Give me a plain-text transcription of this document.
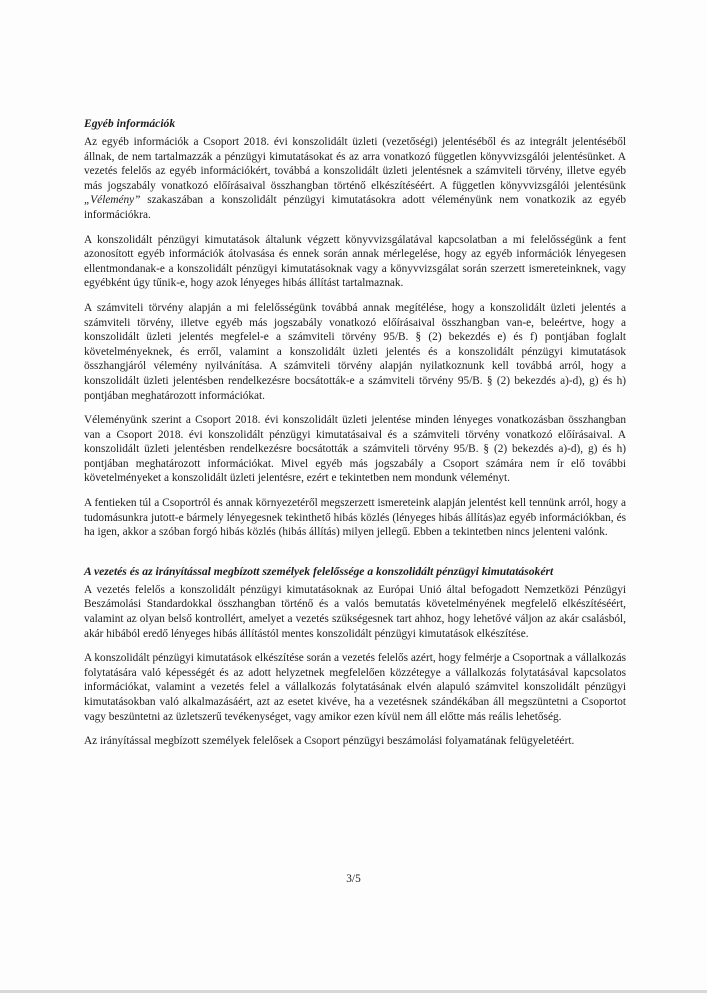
Egyéb információk

Az egyéb információk a Csoport 2018. évi konszolidált üzleti (vezetőségi) jelentéséből és az integrált jelentéséből állnak, de nem tartalmazzák a pénzügyi kimutatásokat és az arra vonatkozó független könyvvizsgálói jelentésünket. A vezetés felelős az egyéb információkért, továbbá a konszolidált üzleti jelentésnek a számviteli törvény, illetve egyéb más jogszabály vonatkozó előírásaival összhangban történő elkészítéséért. A független könyvvizsgálói jelentésünk „Vélemény” szakaszában a konszolidált pénzügyi kimutatásokra adott véleményünk nem vonatkozik az egyéb információkra.

A konszolidált pénzügyi kimutatások általunk végzett könyvvizsgálatával kapcsolatban a mi felelősségünk a fent azonosított egyéb információk átolvasása és ennek során annak mérlegelése, hogy az egyéb információk lényegesen ellentmondanak-e a konszolidált pénzügyi kimutatásoknak vagy a könyvvizsgálat során szerzett ismereteinknek, vagy egyébként úgy tűnik-e, hogy azok lényeges hibás állítást tartalmaznak.

A számviteli törvény alapján a mi felelősségünk továbbá annak megítélése, hogy a konszolidált üzleti jelentés a számviteli törvény, illetve egyéb más jogszabály vonatkozó előírásaival összhangban van-e, beleértve, hogy a konszolidált üzleti jelentés megfelel-e a számviteli törvény 95/B. § (2) bekezdés e) és f) pontjában foglalt követelményeknek, és erről, valamint a konszolidált üzleti jelentés és a konszolidált pénzügyi kimutatások összhangjáról vélemény nyilvánítása. A számviteli törvény alapján nyilatkoznunk kell továbbá arról, hogy a konszolidált üzleti jelentésben rendelkezésre bocsátották-e a számviteli törvény 95/B. § (2) bekezdés a)-d), g) és h) pontjában meghatározott információkat.

Véleményünk szerint a Csoport 2018. évi konszolidált üzleti jelentése minden lényeges vonatkozásban összhangban van a Csoport 2018. évi konszolidált pénzügyi kimutatásaival és a számviteli törvény vonatkozó előírásaival. A konszolidált üzleti jelentésben rendelkezésre bocsátották a számviteli törvény 95/B. § (2) bekezdés a)-d), g) és h) pontjában meghatározott információkat. Mivel egyéb más jogszabály a Csoport számára nem ír elő további követelményeket a konszolidált üzleti jelentésre, ezért e tekintetben nem mondunk véleményt.

A fentieken túl a Csoportról és annak környezetéről megszerzett ismereteink alapján jelentést kell tennünk arról, hogy a tudomásunkra jutott-e bármely lényegesnek tekinthető hibás közlés (lényeges hibás állítás)az egyéb információkban, és ha igen, akkor a szóban forgó hibás közlés (hibás állítás) milyen jellegű. Ebben a tekintetben nincs jelenteni valónk.

A vezetés és az irányítással megbízott személyek felelőssége a konszolidált pénzügyi kimutatásokért

A vezetés felelős a konszolidált pénzügyi kimutatásoknak az Európai Unió által befogadott Nemzetközi Pénzügyi Beszámolási Standardokkal összhangban történő és a valós bemutatás követelményének megfelelő elkészítéséért, valamint az olyan belső kontrollért, amelyet a vezetés szükségesnek tart ahhoz, hogy lehetővé váljon az akár csalásból, akár hibából eredő lényeges hibás állítástól mentes konszolidált pénzügyi kimutatások elkészítése.

A konszolidált pénzügyi kimutatások elkészítése során a vezetés felelős azért, hogy felmérje a Csoportnak a vállalkozás folytatására való képességét és az adott helyzetnek megfelelően közzétegye a vállalkozás folytatásával kapcsolatos információkat, valamint a vezetés felel a vállalkozás folytatásának elvén alapuló számvitel konszolidált pénzügyi kimutatásokban való alkalmazásáért, azt az esetet kivéve, ha a vezetésnek szándékában áll megszüntetni a Csoportot vagy beszüntetni az üzletszerű tevékenységet, vagy amikor ezen kívül nem áll előtte más reális lehetőség.

Az irányítással megbízott személyek felelősek a Csoport pénzügyi beszámolási folyamatának felügyeletéért.

3/5
